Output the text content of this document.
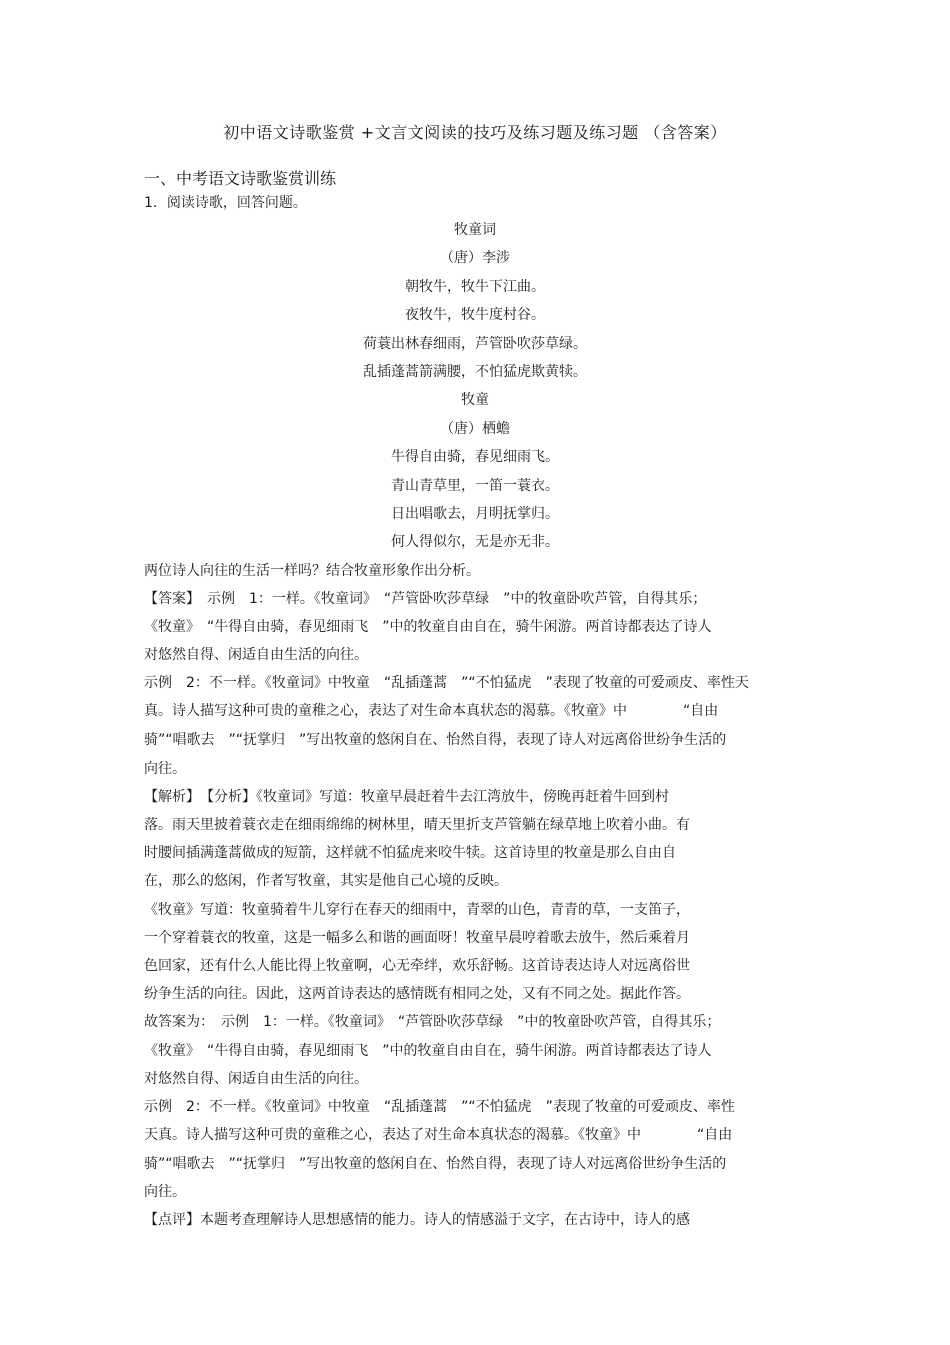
初中语文诗歌鉴赏 +文言文阅读的技巧及练习题及练习题 （含答案）
一、中考语文诗歌鉴赏训练
1．阅读诗歌，回答问题。
牧童词
（唐）李涉
朝牧牛，牧牛下江曲。
夜牧牛，牧牛度村谷。
荷蓑出林春细雨，芦管卧吹莎草绿。
乱插蓬蒿箭满腰，不怕猛虎欺黄犊。
牧童
（唐）栖蟾
牛得自由骑，春见细雨飞。
青山青草里，一笛一蓑衣。
日出唱歌去，月明抚掌归。
何人得似尔，无是亦无非。
两位诗人向往的生活一样吗？结合牧童形象作出分析。
【答案】　示例　1：一样。《牧童词》　“芦管卧吹莎草绿　”中的牧童卧吹芦管，自得其乐；
《牧童》　“牛得自由骑，春见细雨飞　”中的牧童自由自在，骑牛闲游。两首诗都表达了诗人
对悠然自得、闲适自由生活的向往。
示例　2：不一样。《牧童词》中牧童　“乱插蓬蒿　”“不怕猛虎　”表现了牧童的可爱顽皮、率性天
真。诗人描写这种可贵的童稚之心，表达了对生命本真状态的渴慕。《牧童》中　　　　“自由
骑”“唱歌去　”“抚掌归　”写出牧童的悠闲自在、怡然自得，表现了诗人对远离俗世纷争生活的
向往。
【解析】　【分析】《牧童词》写道：牧童早晨赶着牛去江湾放牛，傍晚再赶着牛回到村
落。雨天里披着蓑衣走在细雨绵绵的树林里，晴天里折支芦管躺在绿草地上吹着小曲。有
时腰间插满蓬蒿做成的短箭，这样就不怕猛虎来咬牛犊。这首诗里的牧童是那么自由自
在，那么的悠闲，作者写牧童，其实是他自己心境的反映。
《牧童》写道：牧童骑着牛儿穿行在春天的细雨中，青翠的山色，青青的草，一支笛子，
一个穿着蓑衣的牧童，这是一幅多么和谐的画面呀！牧童早晨哼着歌去放牛，然后乘着月
色回家，还有什么人能比得上牧童啊，心无牵绊，欢乐舒畅。这首诗表达诗人对远离俗世
纷争生活的向往。因此，这两首诗表达的感情既有相同之处，又有不同之处。据此作答。
故答案为：　示例　1：一样。《牧童词》　“芦管卧吹莎草绿　”中的牧童卧吹芦管，自得其乐；
《牧童》　“牛得自由骑，春见细雨飞　”中的牧童自由自在，骑牛闲游。两首诗都表达了诗人
对悠然自得、闲适自由生活的向往。
示例　2：不一样。《牧童词》中牧童　“乱插蓬蒿　”“不怕猛虎　”表现了牧童的可爱顽皮、率性
天真。诗人描写这种可贵的童稚之心，表达了对生命本真状态的渴慕。《牧童》中　　　　“自由
骑”“唱歌去　”“抚掌归　”写出牧童的悠闲自在、怡然自得，表现了诗人对远离俗世纷争生活的
向往。
【点评】本题考查理解诗人思想感情的能力。诗人的情感溢于文字，在古诗中，诗人的感
